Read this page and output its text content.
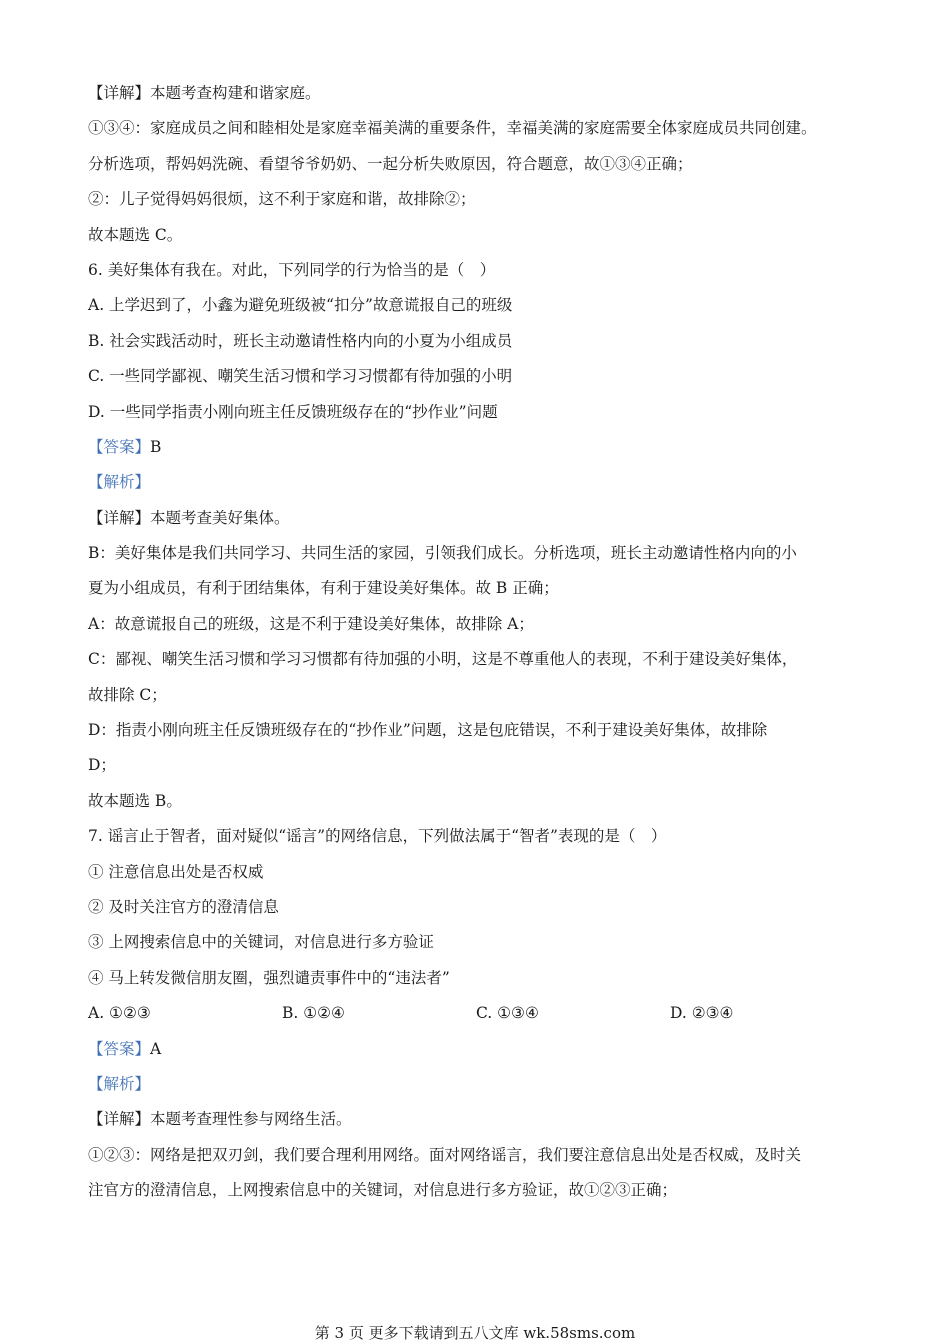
【详解】本题考查构建和谐家庭。
①③④：家庭成员之间和睦相处是家庭幸福美满的重要条件，幸福美满的家庭需要全体家庭成员共同创建。
分析选项，帮妈妈洗碗、看望爷爷奶奶、一起分析失败原因，符合题意，故①③④正确；
②：儿子觉得妈妈很烦，这不利于家庭和谐，故排除②；
故本题选 C。
6. 美好集体有我在。对此，下列同学的行为恰当的是（　）
A. 上学迟到了，小鑫为避免班级被“扣分”故意谎报自己的班级
B. 社会实践活动时，班长主动邀请性格内向的小夏为小组成员
C. 一些同学鄙视、嘲笑生活习惯和学习习惯都有待加强的小明
D. 一些同学指责小刚向班主任反馈班级存在的“抄作业”问题
【答案】B
【解析】
【详解】本题考查美好集体。
B：美好集体是我们共同学习、共同生活的家园，引领我们成长。分析选项，班长主动邀请性格内向的小
夏为小组成员，有利于团结集体，有利于建设美好集体。故 B 正确；
A：故意谎报自己的班级，这是不利于建设美好集体，故排除 A；
C：鄙视、嘲笑生活习惯和学习习惯都有待加强的小明，这是不尊重他人的表现，不利于建设美好集体，
故排除 C；
D：指责小刚向班主任反馈班级存在的“抄作业”问题，这是包庇错误，不利于建设美好集体，故排除
D；
故本题选 B。
7. 谣言止于智者，面对疑似“谣言”的网络信息，下列做法属于“智者”表现的是（　）
① 注意信息出处是否权威
② 及时关注官方的澄清信息
③ 上网搜索信息中的关键词，对信息进行多方验证
④ 马上转发微信朋友圈，强烈谴责事件中的“违法者”
A. ①②③	B. ①②④	C. ①③④	D. ②③④
【答案】A
【解析】
【详解】本题考查理性参与网络生活。
①②③：网络是把双刃剑，我们要合理利用网络。面对网络谣言，我们要注意信息出处是否权威，及时关
注官方的澄清信息，上网搜索信息中的关键词，对信息进行多方验证，故①②③正确；
第 3 页 更多下载请到五八文库 wk.58sms.com
